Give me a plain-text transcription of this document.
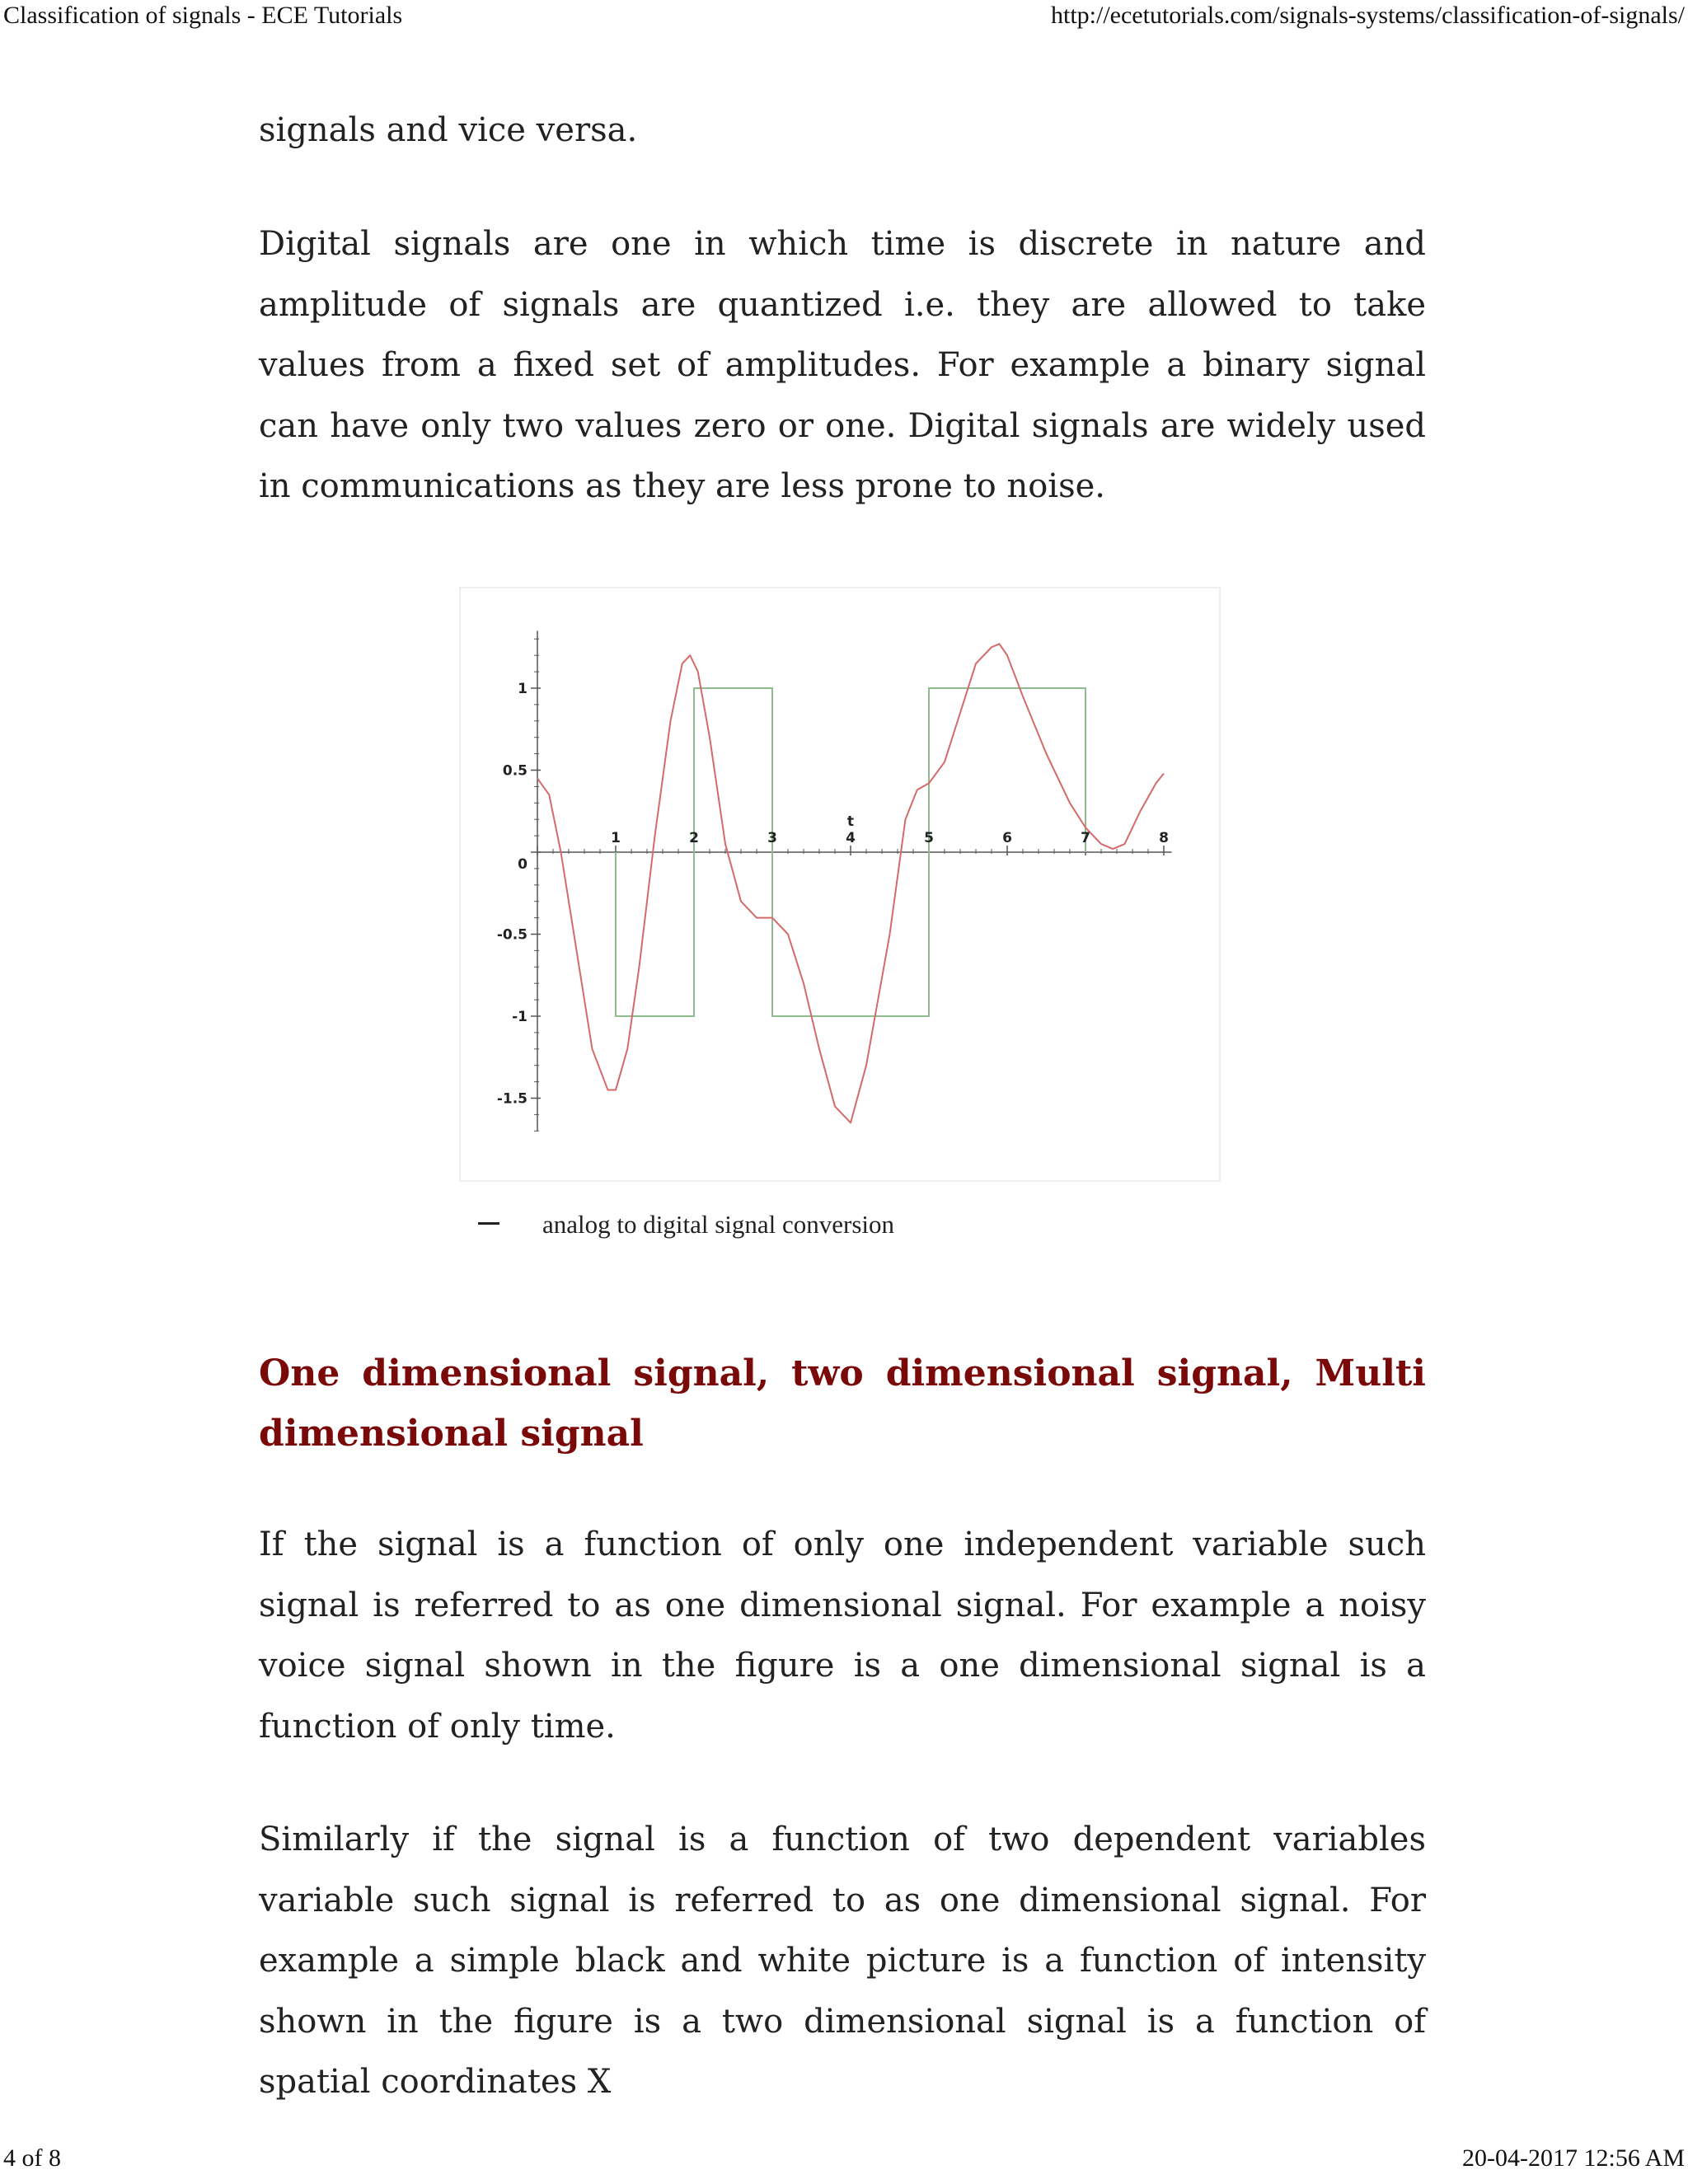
Classification of signals - ECE Tutorials	http://ecetutorials.com/signals-systems/classification-of-signals/

signals and vice versa.

Digital signals are one in which time is discrete in nature and amplitude of signals are quantized i.e. they are allowed to take values from a fixed set of amplitudes. For example a binary signal can have only two values zero or one. Digital signals are widely used in communications as they are less prone to noise.

One dimensional signal, two dimensional signal, Multi dimensional signal

If the signal is a function of only one independent variable such signal is referred to as one dimensional signal. For example a noisy voice signal shown in the figure is a one dimensional signal is a function of only time.

Similarly if the signal is a function of two dependent variables variable such signal is referred to as one dimensional signal. For example a simple black and white picture is a function of intensity shown in the figure is a two dimensional signal is a function of spatial coordinates X

1	2	3	4	5	6	7	8
1
0.5
0
-0.5
-1
-1.5
t
analog to digital signal conversion
4 of 8	20-04-2017 12:56 AM
